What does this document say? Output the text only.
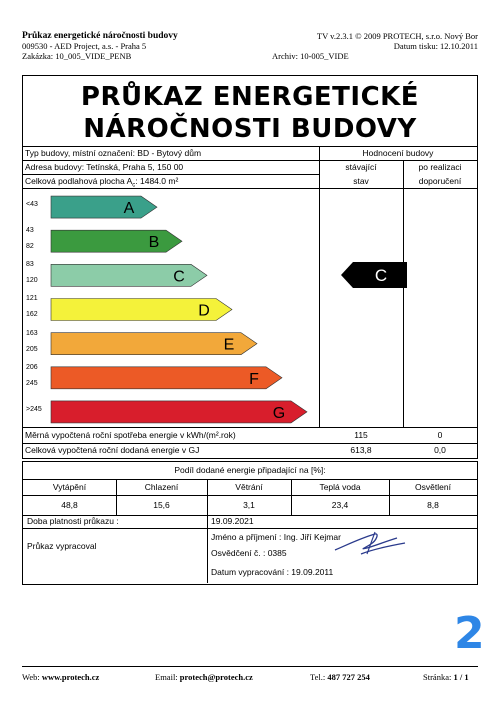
Průkaz energetické náročnosti budovy
009530 - AED Project, a.s. - Praha 5
Zakázka: 10_005_VIDE_PENB
TV v.2.3.1 © 2009 PROTECH, s.r.o. Nový Bor
Datum tisku: 12.10.2011
Archiv: 10-005_VIDE
PRŮKAZ ENERGETICKÉ
NÁROČNOSTI BUDOVY
Typ budovy, místní označení: BD - Bytový dům
Adresa budovy: Tetínská, Praha 5, 150 00
Celková podlahová plocha $A_c$: 1484.0 m²
Hodnocení budovy
stávající
stav
po realizaci
doporučení
A
B
C
D
E
F
G
<43
43
82
83
120
121
162
163
205
206
245
>245
C
Měrná vypočtená roční spotřeba energie v kWh/(m².rok)	115	0
Celková vypočtená roční dodaná energie v GJ	613,8	0,0
Podíl dodané energie připadající na [%]:
Vytápění	Chlazení	Větrání	Teplá voda	Osvětlení
48,8	15,6	3,1	23,4	8,8
Doba platnosti průkazu :	19.09.2021
Průkaz vypracoval
Jméno a příjmení : Ing. Jiří Kejmar
Osvědčení č. : 0385
Datum vypracování : 19.09.2011
2
Web: www.protech.cz	Email: protech@protech.cz	Tel.: 487 727 254	Stránka: 1 / 1
